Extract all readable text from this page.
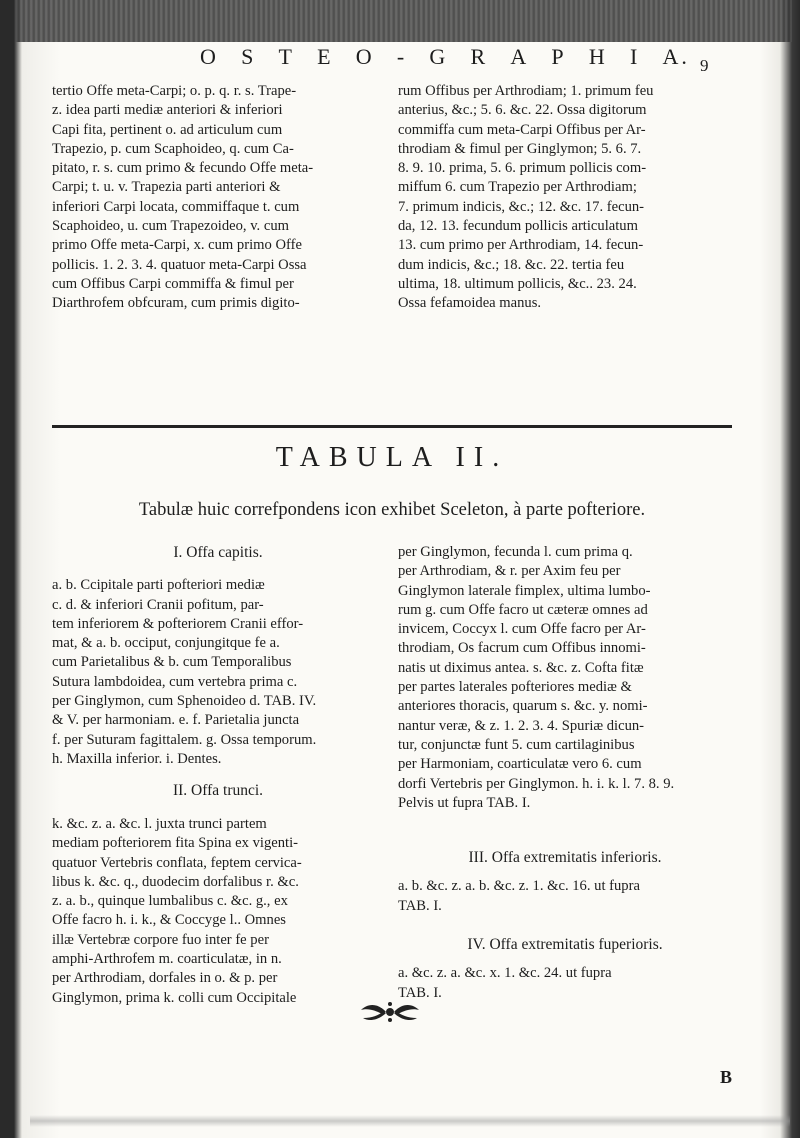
O S T E O - G R A P H I A. 9

tertio Offe meta-Carpi; o. p. q. r. s. Trape-

z. idea parti mediæ anteriori & inferiori

Capi fita, pertinent o. ad articulum cum

Trapezio, p. cum Scaphoideo, q. cum Ca-

pitato, r. s. cum primo & fecundo Offe meta-

Carpi; t. u. v. Trapezia parti anteriori &

inferiori Carpi locata, commiffaque t. cum

Scaphoideo, u. cum Trapezoideo, v. cum

primo Offe meta-Carpi, x. cum primo Offe

pollicis. 1. 2. 3. 4. quatuor meta-Carpi Ossa

cum Offibus Carpi commiffa & fimul per

Diarthrofem obfcuram, cum primis digito-

rum Offibus per Arthrodiam; 1. primum feu

anterius, &c.; 5. 6. &c. 22. Ossa digitorum

commiffa cum meta-Carpi Offibus per Ar-

throdiam & fimul per Ginglymon; 5. 6. 7.

8. 9. 10. prima, 5. 6. primum pollicis com-

miffum 6. cum Trapezio per Arthrodiam;

7. primum indicis, &c.; 12. &c. 17. fecun-

da, 12. 13. fecundum pollicis articulatum

13. cum primo per Arthrodiam, 14. fecun-

dum indicis, &c.; 18. &c. 22. tertia feu

ultima, 18. ultimum pollicis, &c.. 23. 24.

Ossa fefamoidea manus.

TABULA II.
Tabulæ huic correfpondens icon exhibet Sceleton, à parte pofteriore.

I. Offa capitis.

a. b. Ccipitale parti pofteriori mediæ

c. d. & inferiori Cranii pofitum, par-

tem inferiorem & pofteriorem Cranii effor-

mat, & a. b. occiput, conjungitque fe a.

cum Parietalibus & b. cum Temporalibus

Sutura lambdoidea, cum vertebra prima c.

per Ginglymon, cum Sphenoideo d. TAB. IV.

& V. per harmoniam. e. f. Parietalia juncta

f. per Suturam fagittalem. g. Ossa temporum.

h. Maxilla inferior. i. Dentes.

II. Offa trunci.

k. &c. z. a. &c. l. juxta trunci partem

mediam pofteriorem fita Spina ex vigenti-

quatuor Vertebris conflata, feptem cervica-

libus k. &c. q., duodecim dorfalibus r. &c.

z. a. b., quinque lumbalibus c. &c. g., ex

Offe facro h. i. k., & Coccyge l.. Omnes

illæ Vertebræ corpore fuo inter fe per

amphi-Arthrofem m. coarticulatæ, in n.

per Arthrodiam, dorfales in o. & p. per

Ginglymon, prima k. colli cum Occipitale

per Ginglymon, fecunda l. cum prima q.

per Arthrodiam, & r. per Axim feu per

Ginglymon laterale fimplex, ultima lumbo-

rum g. cum Offe facro ut cæteræ omnes ad

invicem, Coccyx l. cum Offe facro per Ar-

throdiam, Os facrum cum Offibus innomi-

natis ut diximus antea. s. &c. z. Cofta fitæ

per partes laterales pofteriores mediæ &

anteriores thoracis, quarum s. &c. y. nomi-

nantur veræ, & z. 1. 2. 3. 4. Spuriæ dicun-

tur, conjunctæ funt 5. cum cartilaginibus

per Harmoniam, coarticulatæ vero 6. cum

dorfi Vertebris per Ginglymon. h. i. k. l. 7. 8. 9.

Pelvis ut fupra TAB. I.

III. Offa extremitatis inferioris.

a. b. &c. z. a. b. &c. z. 1. &c. 16. ut fupra

TAB. I.

IV. Offa extremitatis fuperioris.

a. &c. z. a. &c. x. 1. &c. 24. ut fupra

TAB. I.

B
